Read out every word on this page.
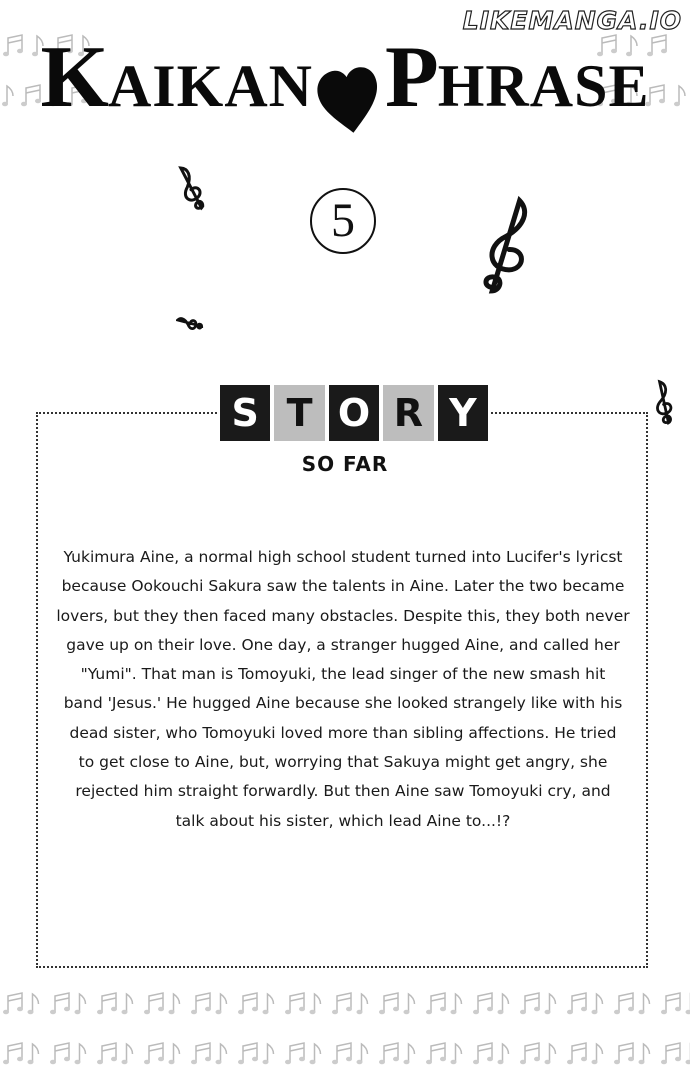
LIKEMANGA.IO
KAIKAN PHRASE
5
S T O R Y
SO FAR

Yukimura Aine, a normal high school student turned into Lucifer's lyricst

because Ookouchi Sakura saw the talents in Aine. Later the two became

lovers, but they then faced many obstacles. Despite this, they both never

gave up on their love. One day, a stranger hugged Aine, and called her

"Yumi". That man is Tomoyuki, the lead singer of the new smash hit

band 'Jesus.' He hugged Aine because she looked strangely like with his

dead sister, who Tomoyuki loved more than sibling affections. He tried

to get close to Aine, but, worrying that Sakuya might get angry, she

rejected him straight forwardly. But then Aine saw Tomoyuki cry, and

talk about his sister, which lead Aine to...!?
